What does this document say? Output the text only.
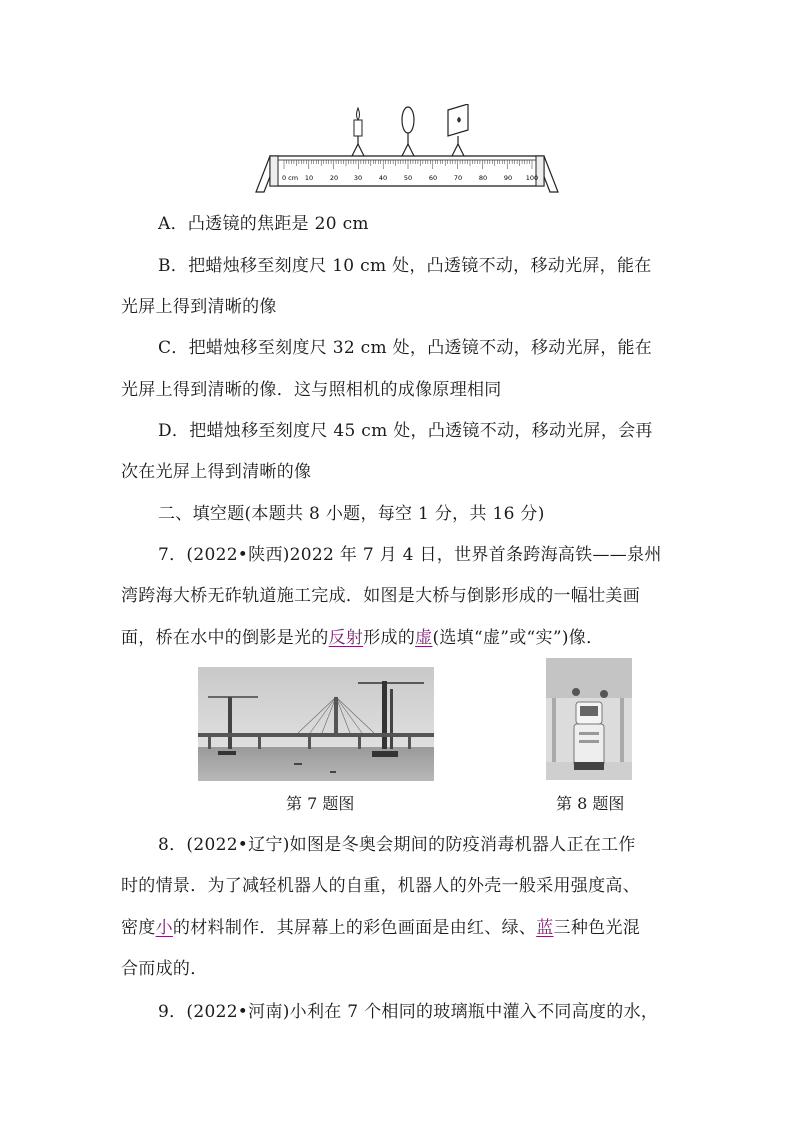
0 cm 10	20 30	40	50	60	70	80	90 100
A．凸透镜的焦距是 20 cm
B．把蜡烛移至刻度尺 10 cm 处，凸透镜不动，移动光屏，能在
光屏上得到清晰的像
C．把蜡烛移至刻度尺 32 cm 处，凸透镜不动，移动光屏，能在
光屏上得到清晰的像．这与照相机的成像原理相同
D．把蜡烛移至刻度尺 45 cm 处，凸透镜不动，移动光屏，会再
次在光屏上得到清晰的像
二、填空题(本题共 8 小题，每空 1 分，共 16 分)
7．(2022•陕西)2022 年 7 月 4 日，世界首条跨海高铁——泉州
湾跨海大桥无砟轨道施工完成．如图是大桥与倒影形成的一幅壮美画
面，桥在水中的倒影是光的反射形成的虚(选填“虚”或“实”)像．
第 7 题图	第 8 题图
8．(2022•辽宁)如图是冬奥会期间的防疫消毒机器人正在工作
时的情景．为了减轻机器人的自重，机器人的外壳一般采用强度高、
密度小的材料制作．其屏幕上的彩色画面是由红、绿、蓝三种色光混
合而成的．
9．(2022•河南)小利在 7 个相同的玻璃瓶中灌入不同高度的水，
